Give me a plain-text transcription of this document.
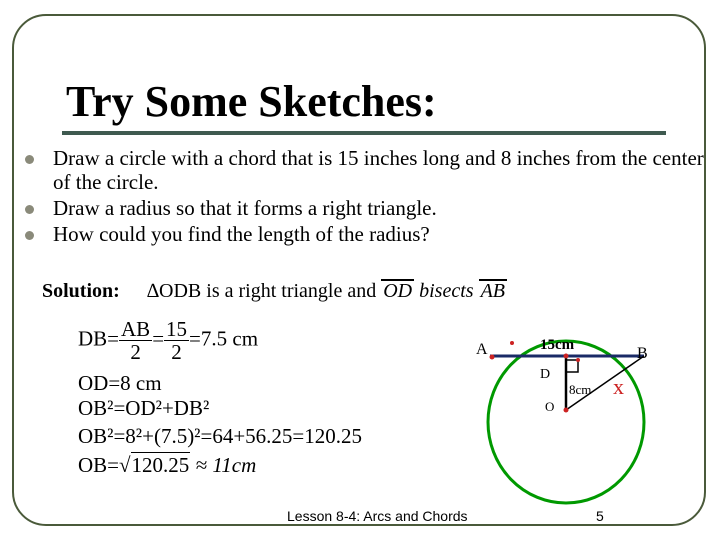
Try Some Sketches:
Draw a circle with a chord that is 15 inches long and 8 inches from the center of the circle.
Draw a radius so that it forms a right triangle.
How could you find the length of the radius?
Solution: ∆ODB is a right triangle and OD bisects AB
$DB= \frac{AB}{2} = \frac{15}{2} =7.5$ cm
OD=8 cm
OB²=OD²+DB²
OB²=8²+(7.5)²=64+56.25=120.25
OB=√120.25 ≈ 11cm
A	B
D
O
x
15cm
8cm
Lesson 8-4: Arcs and Chords	5
